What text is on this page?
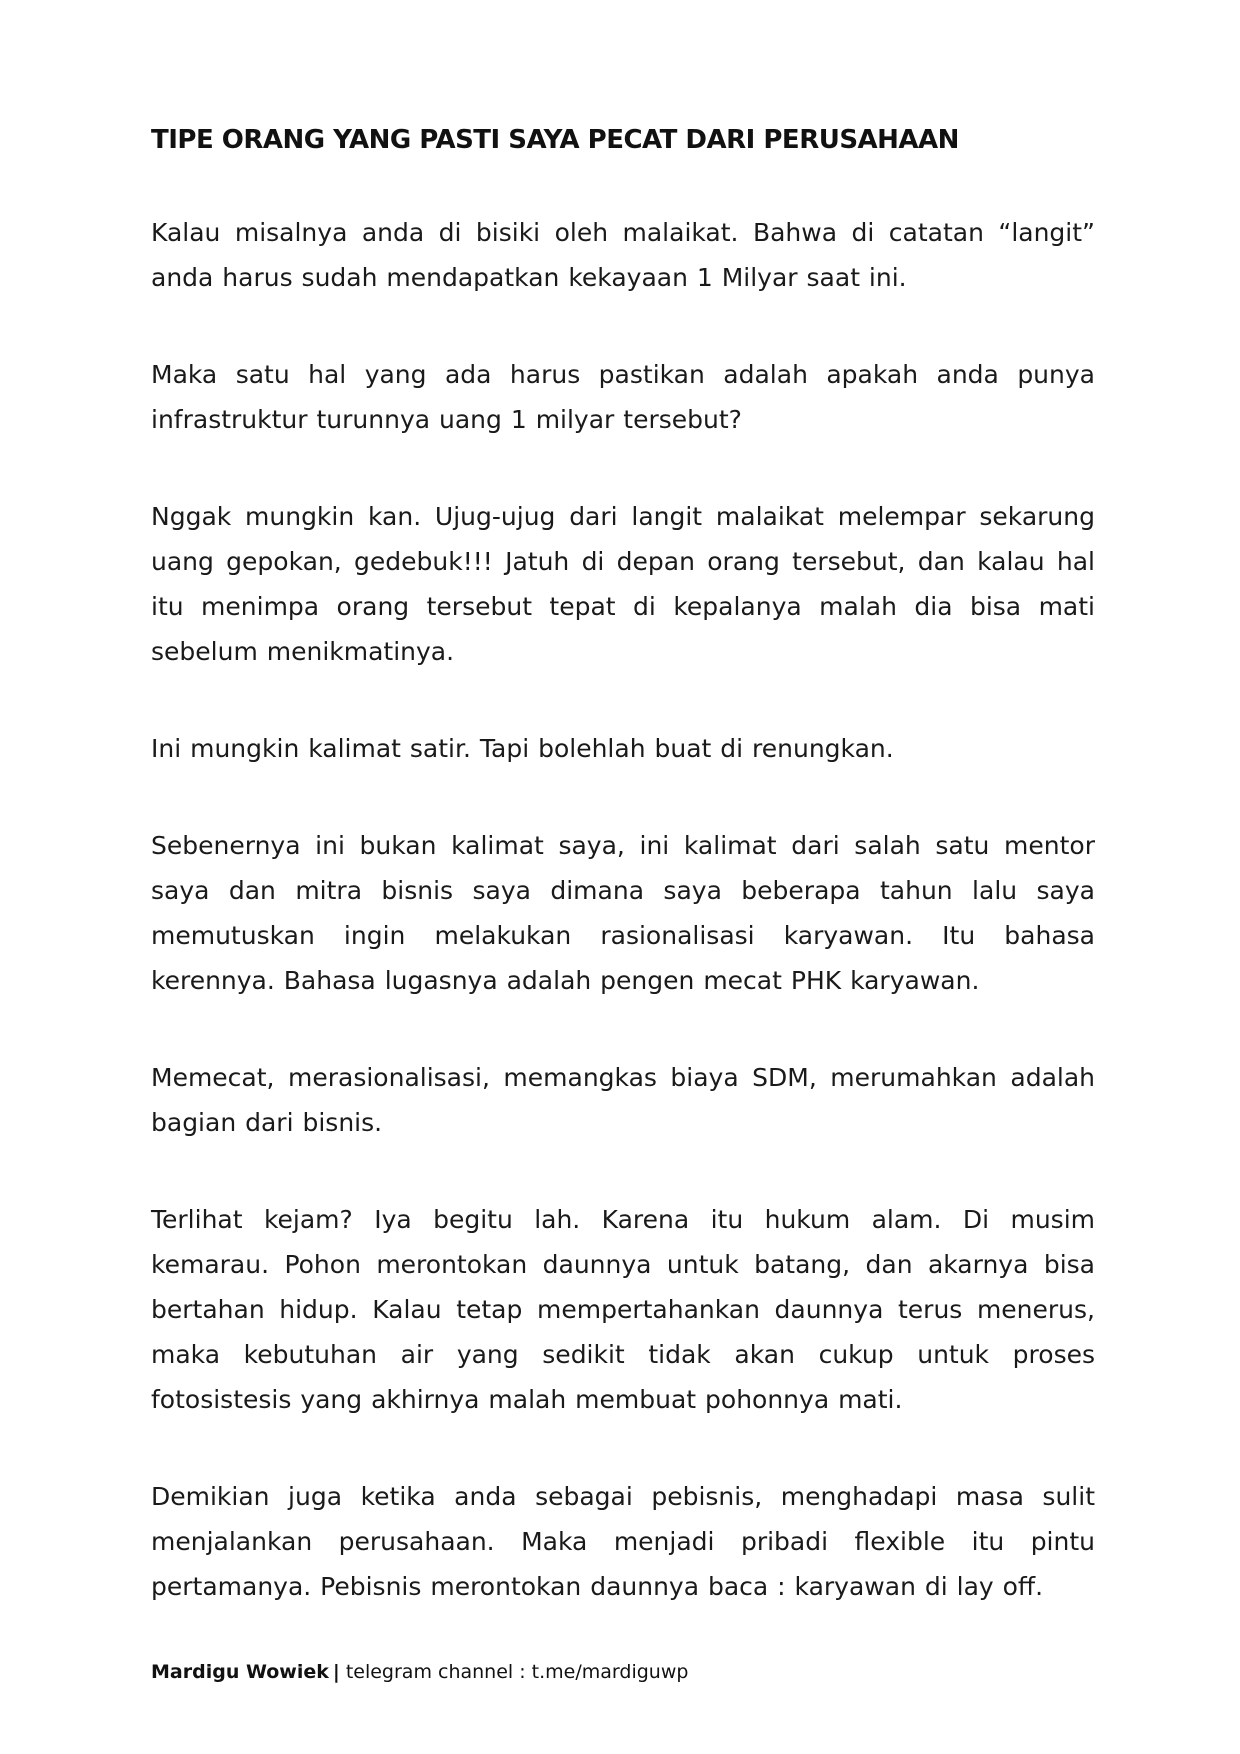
TIPE ORANG YANG PASTI SAYA PECAT DARI PERUSAHAAN

Kalau misalnya anda di bisiki oleh malaikat. Bahwa di catatan “langit” anda harus sudah mendapatkan kekayaan 1 Milyar saat ini.

Maka satu hal yang ada harus pastikan adalah apakah anda punya infrastruktur turunnya uang 1 milyar tersebut?

Nggak mungkin kan. Ujug-ujug dari langit malaikat melempar sekarung uang gepokan, gedebuk!!! Jatuh di depan orang tersebut, dan kalau hal itu menimpa orang tersebut tepat di kepalanya malah dia bisa mati sebelum menikmatinya.

Ini mungkin kalimat satir. Tapi bolehlah buat di renungkan.

Sebenernya ini bukan kalimat saya, ini kalimat dari salah satu mentor saya dan mitra bisnis saya dimana saya beberapa tahun lalu saya memutuskan ingin melakukan rasionalisasi karyawan. Itu bahasa kerennya. Bahasa lugasnya adalah pengen mecat PHK karyawan.

Memecat, merasionalisasi, memangkas biaya SDM, merumahkan adalah bagian dari bisnis.

Terlihat kejam? Iya begitu lah. Karena itu hukum alam. Di musim kemarau. Pohon merontokan daunnya untuk batang, dan akarnya bisa bertahan hidup. Kalau tetap mempertahankan daunnya terus menerus, maka kebutuhan air yang sedikit tidak akan cukup untuk proses fotosistesis yang akhirnya malah membuat pohonnya mati.

Demikian juga ketika anda sebagai pebisnis, menghadapi masa sulit menjalankan perusahaan. Maka menjadi pribadi flexible itu pintu pertamanya. Pebisnis merontokan daunnya baca : karyawan di lay off.

Mardigu Wowiek | telegram channel : t.me/mardiguwp
